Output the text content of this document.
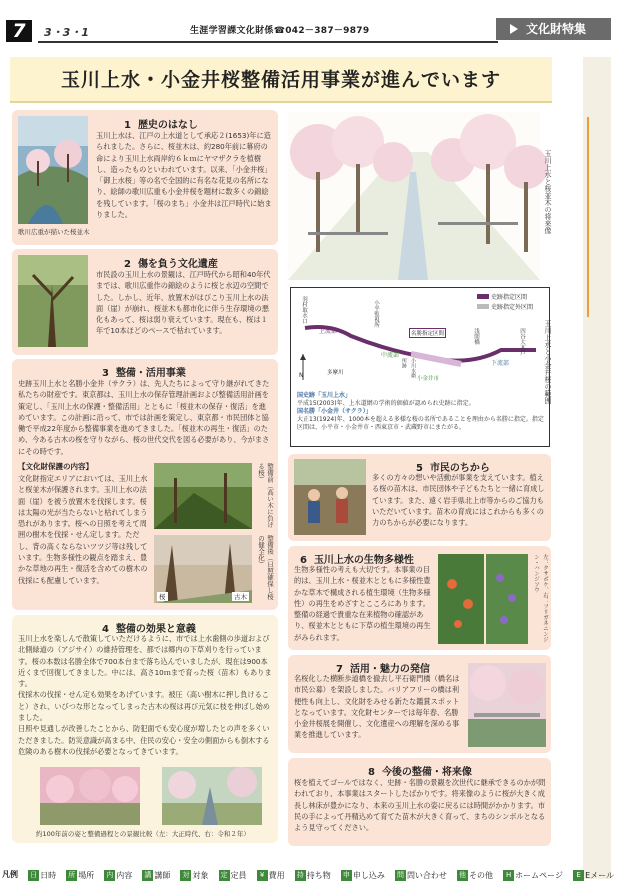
7	3・3・1	生涯学習課文化財係☎042－387－9879	文化財特集
玉川上水・小金井桜整備活用事業が進んでいます
歌川広重が描いた桜並木
1 歴史のはなし
玉川上水は、江戸の上水道として承応２(1653)年に造られました。さらに、桜並木は、約280年前に幕府の命により玉川上水両岸約６ｋｍにヤマザクラを植樹し、造ったものといわれています。以来、「小金井桜」「御上水桜」等の名で全国的に有名な花見の名所になり、絵師の歌川広重も小金井桜を題材に数多くの錦絵を残しています。「桜のまち」小金井は江戸時代に始まりました。
2 傷を負う文化遺産
市民設の玉川上水の景観は、江戸時代から昭和40年代までは、歌川広重作の錦絵のように桜と水辺の空間でした。しかし、近年、放置木がはびこり玉川上水の法面（崖）が崩れ、桜並木も都市化に伴う生存環境の悪化もあって、桜は弱り衰えています。現在も、桜は１年で10本ほどのペースで枯れています。
3 整備・活用事業
史跡玉川上水と名勝小金井（サクラ）は、先人たちによって守り継がれてきた私たちの財産です。東京都は、玉川上水の保存管理計画および整備活用計画を策定し、「玉川上水の保護・整備活用」とともに「桜並木の保存・復活」を進めています。この計画に沿って、市では計画を策定し、東京都・市民団体と協働で平成22年度から整備事業を進めてきました。「桜並木の再生・復活」のため、今ある古木の桜を守りながら、桜の世代交代を図る必要があり、今がまさにその時です。
【文化財保護の内容】
文化財指定エリアにおいては、玉川上水と桜並木が保護されます。玉川上水の法面（崖）を被う放置木を伐採します。桜は太陽の光が当たらないと枯れてしまう恐れがあります。桜への日照を考えて周囲の樹木を伐採・せん定します。ただし、背の高くならないツツジ等は残しています。生物多様性の観点を踏まえ、豊かな草地の再生・復活を含めての樹木の伐採にも配慮しています。
整備前（高い木に負ける桜）
桜	古木	整備後（日照確保し桜の健全化）
4 整備の効果と意義
玉川上水を楽しんで散策していただけるように、市では上水歯側の歩道および北側緑道の（アジサイ）の維持管理を、都では郷内の下草刈りを行っています。桜の本数は名勝全体で700本台まで落ち込んでいましたが、現在は900本近くまで回復してきました。中には、高さ10ｍまで育った桜（苗木）もあります。
伐採木の伐採・せん定も効果をあげています。被圧（高い樹木に押し負けること）され、いびつな形となってしまった古木の桜は再び元気に枝を伸ばし始めました。
日照や見通しが改善したことから、防犯面でも安心度が増したとの声を多くいただきました。防災意識が高まる中、住民の安心・安全の側面からも倒木する危険のある樹木の伐採が必要となってきています。
約100年前の姿と整備過程との景観比較（左：大正時代、右：令和２年）
玉川上水と桜並木の将来像
史跡指定区間
史跡指定外区間
羽村取水口
上流部
中流部
下流部
小平監視所
名勝指定区間
小川水衛所跡
浅間橋	四谷大木戸
多摩川
小金井市
N
国史跡「玉川上水」
平成15(2003)年、上水道網の学術的価値が認められ史跡に指定。
国名勝「小金井（サクラ）」
大正13(1924)年、1000本を超える多様な桜の名所であることを理由から名勝に指定。指定区間は、小平市・小金井市・西東京市・武蔵野市にまたがる。
玉川上水と小金井桜の範囲
5 市民のちから
多くの方々の想いや活動が事業を支えています。植える桜の苗木は、市民団体や子どもたちと一緒に育成しています。また、遠く岩手県北上市等からのご協力もいただいています。苗木の育成にはこれからも多くの力のちからが必要になります。
6 玉川上水の生物多様性
生物多様性の考えも大切です。本事業の目的は、玉川上水・桜並木とともに多様性豊かな草木で構成される植生環境（生物多様性）の再生をめざすとこころにあります。整備の経過で貴重な在来植物の確認があり、桜並木とともに下草の植生環境の再生がみられます。	左：クサボケ、右：フリガネニンジン・ハンジソウ
7 活用・魅力の発信
名桜化した横断歩道橋を撤去し平石衛門橋（橋名は市民公募）を架設しました。バリアフリーの橋は利便性も向上し、文化財をみせる新たな鑑賞スポットとなっています。文化財センターでは毎年春、名勝小金井桜展を開催し、文化遺産への理解を深める事業を推進しています。
8 今後の整備・将来像
桜を植えてゴールではなく、史跡・名勝の景観を次世代に継承できるのかが問われており、本事業はスタートしたばかりです。将来像のように桜が大きく成長し林床が豊かになり、本来の玉川上水の姿に戻るには時間がかかります。市民の手によって丹精込めて育てた苗木が大きく育って、まちのシンボルとなるよう見守ってください。
凡例 日 日時
所 場所
内 内容
講 講師
対 対象
定 定員
	¥ 費用
持 持ち物
申 申し込み
問 問い合わせ
他 その他
	H ホームページ
	E Eメール
